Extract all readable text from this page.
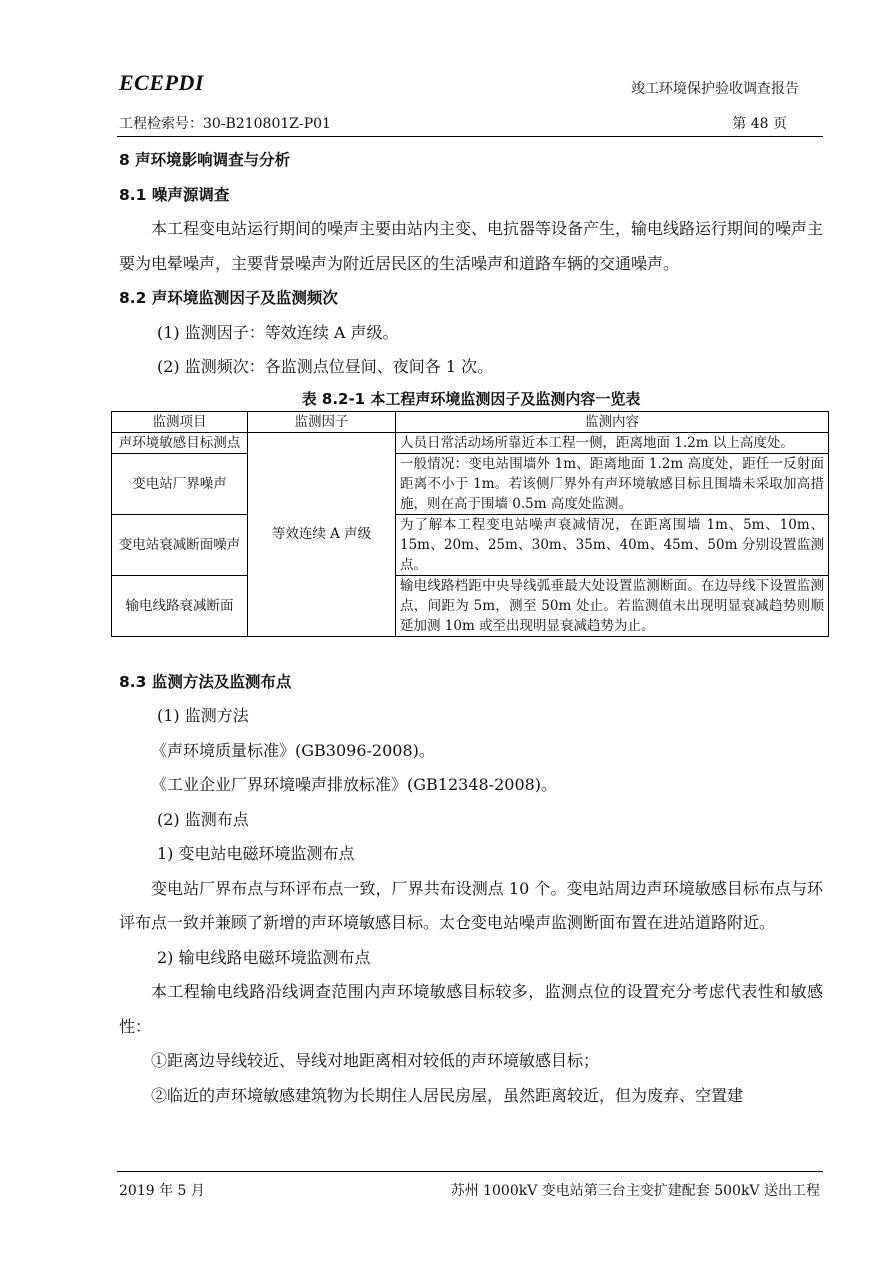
ECEPDI	竣工环境保护验收调查报告
工程检索号：30-B210801Z-P01	第 48 页

8 声环境影响调查与分析

8.1 噪声源调查

本工程变电站运行期间的噪声主要由站内主变、电抗器等设备产生，输电线路运行期间的噪声主要为电晕噪声，主要背景噪声为附近居民区的生活噪声和道路车辆的交通噪声。

8.2 声环境监测因子及监测频次

(1) 监测因子：等效连续 A 声级。

(2) 监测频次：各监测点位昼间、夜间各 1 次。

表 8.2-1 本工程声环境监测因子及监测内容一览表
监测项目	监测因子	监测内容
声环境敏感目标测点	等效连续 A 声级	人员日常活动场所靠近本工程一侧，距离地面 1.2m 以上高度处。
变电站厂界噪声		一般情况：变电站围墙外 1m、距离地面 1.2m 高度处，距任一反射面距离不小于 1m。若该侧厂界外有声环境敏感目标且围墙未采取加高措施，则在高于围墙 0.5m 高度处监测。
变电站衰减断面噪声		为了解本工程变电站噪声衰减情况，在距离围墙 1m、5m、10m、15m、20m、25m、30m、35m、40m、45m、50m 分别设置监测点。
输电线路衰减断面		输电线路档距中央导线弧垂最大处设置监测断面。在边导线下设置监测点，间距为 5m，测至 50m 处止。若监测值未出现明显衰减趋势则顺延加测 10m 或至出现明显衰减趋势为止。

8.3 监测方法及监测布点

(1) 监测方法

《声环境质量标准》(GB3096-2008)。

《工业企业厂界环境噪声排放标准》(GB12348-2008)。

(2) 监测布点

1) 变电站电磁环境监测布点

变电站厂界布点与环评布点一致，厂界共布设测点 10 个。变电站周边声环境敏感目标布点与环评布点一致并兼顾了新增的声环境敏感目标。太仓变电站噪声监测断面布置在进站道路附近。

2) 输电线路电磁环境监测布点

本工程输电线路沿线调查范围内声环境敏感目标较多，监测点位的设置充分考虑代表性和敏感性：

①距离边导线较近、导线对地距离相对较低的声环境敏感目标；

②临近的声环境敏感建筑物为长期住人居民房屋，虽然距离较近，但为废弃、空置建

2019 年 5 月	苏州 1000kV 变电站第三台主变扩建配套 500kV 送出工程
